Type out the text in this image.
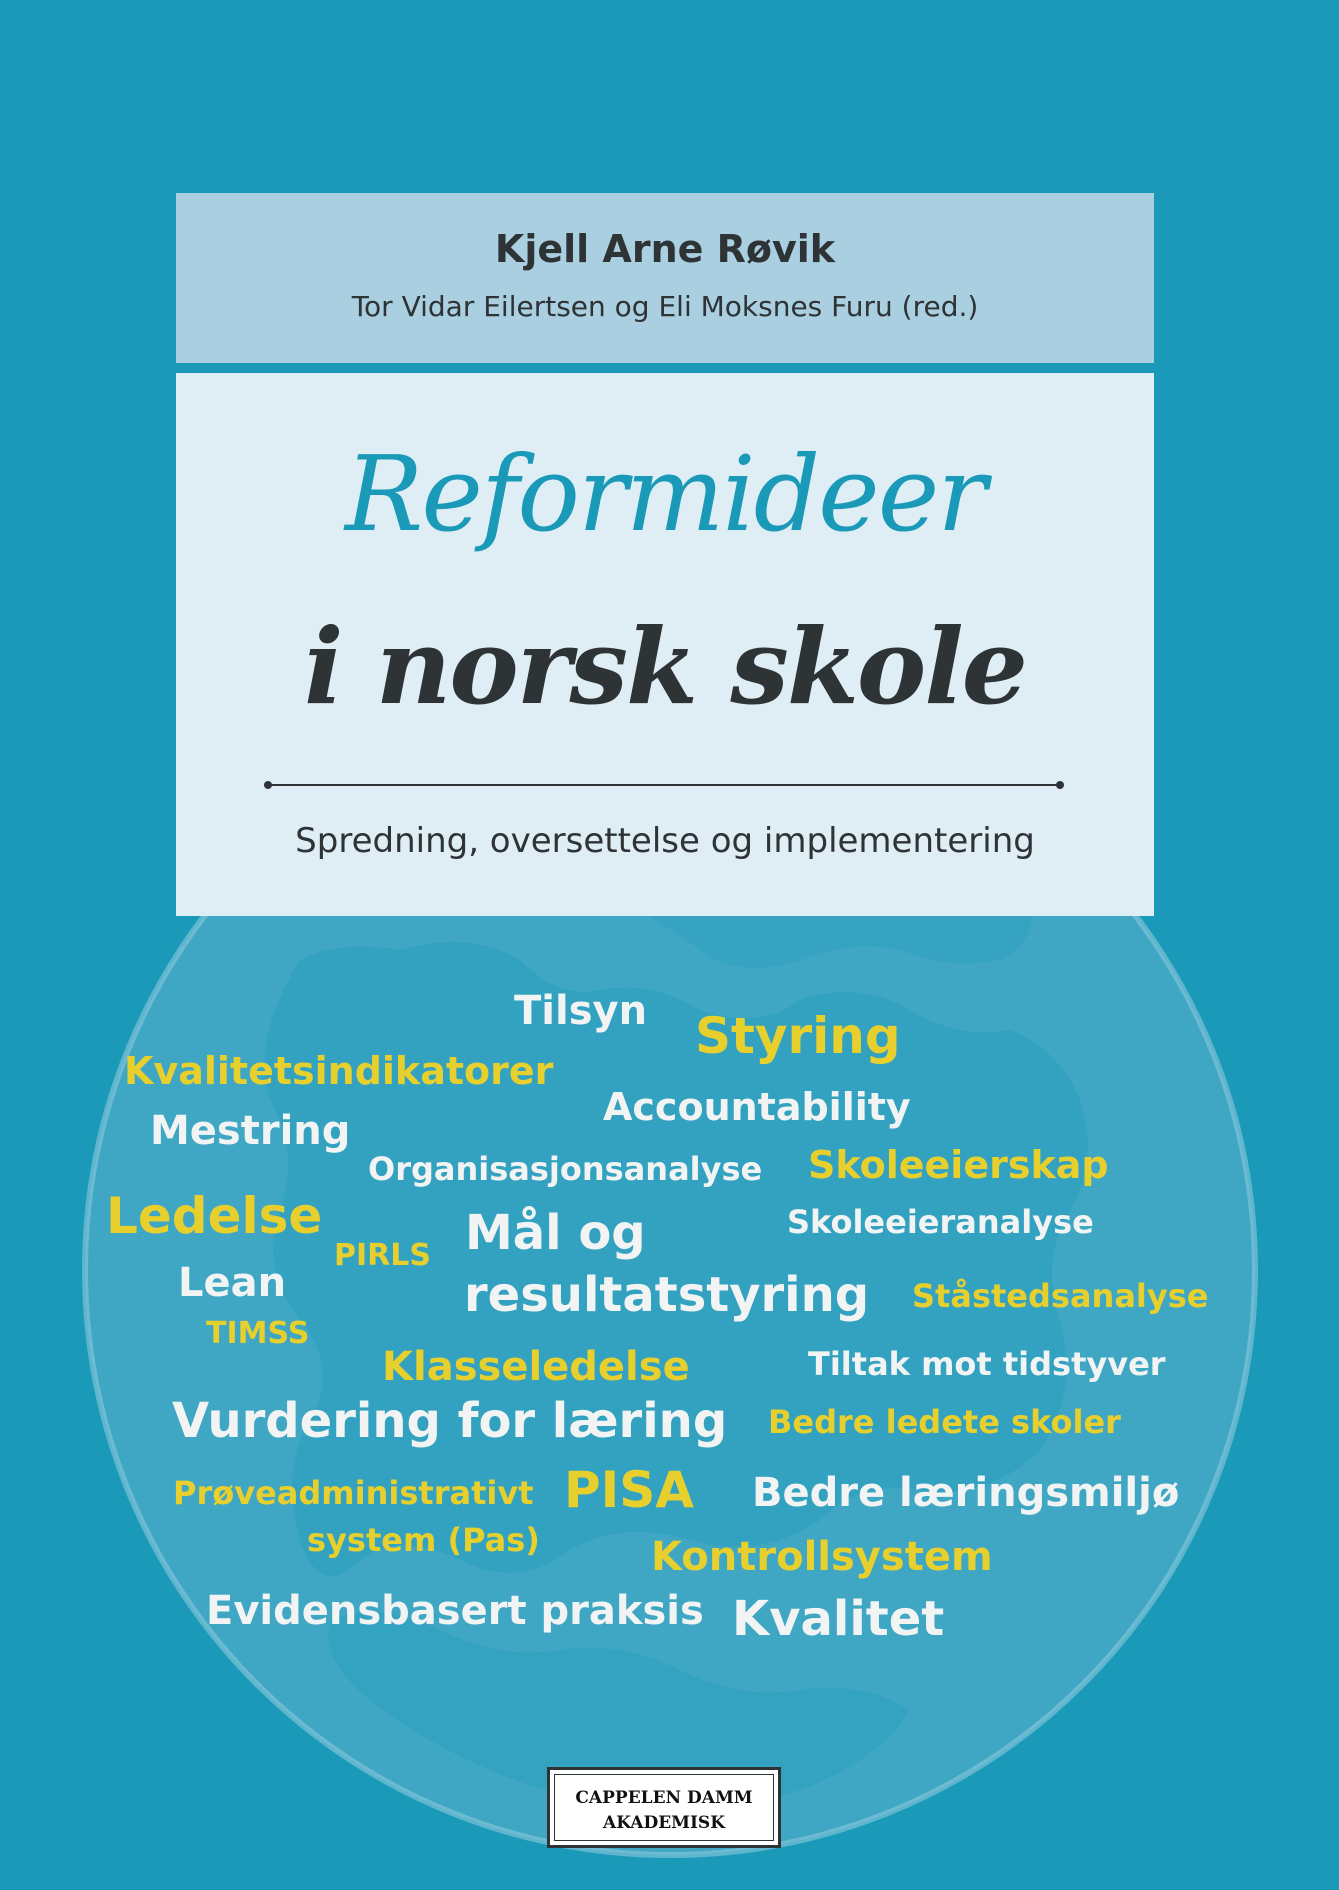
Kjell Arne Røvik
Tor Vidar Eilertsen og Eli Moksnes Furu (red.)
Reformideer
i norsk skole
Spredning, oversettelse og implementering
Tilsyn Styring
Kvalitetsindikatorer
Accountability
Mestring
Organisasjonsanalyse Skoleeierskap
Ledelse
PIRLS Mål og	Skoleeieranalyse
Lean	resultatstyring Ståstedsanalyse
TIMSS
Klasseledelse	Tiltak mot tidstyver
Vurdering for læring Bedre ledete skoler
Prøveadministrativt PISA Bedre læringsmiljø
system (Pas)	Kontrollsystem
Evidensbasert praksis Kvalitet
CAPPELEN DAMM
AKADEMISK
